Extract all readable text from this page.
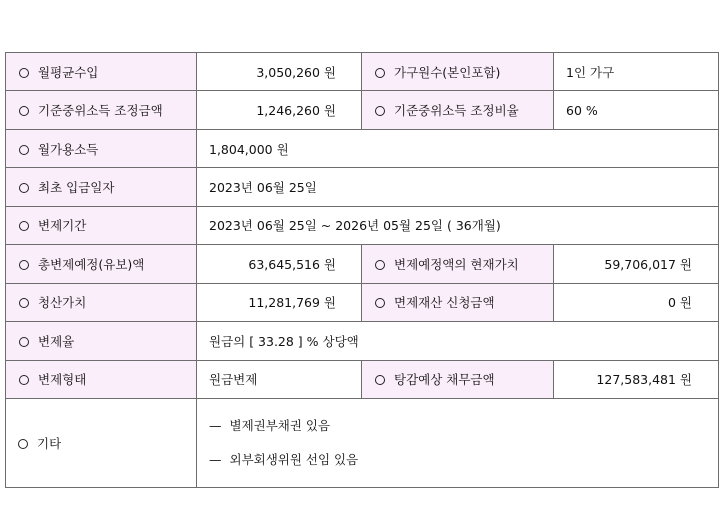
월평균수입	3,050,260 원	가구원수(본인포함)	1인 가구
기준중위소득 조정금액	1,246,260 원	기준중위소득 조정비율	60 %
월가용소득	1,804,000 원		
최초 입금일자	2023년 06월 25일		
변제기간	2023년 06월 25일 ~ 2026년 05월 25일 ( 36개월)		
총변제예정(유보)액	63,645,516 원	변제예정액의 현재가치	59,706,017 원
청산가치	11,281,769 원	면제재산 신청금액	0 원
변제율	원금의 [ 33.28 ] % 상당액		
변제형태	원금변제	탕감예상 채무금액	127,583,481 원
기타	— 별제권부채권 있음
— 외부회생위원 선임 있음		
